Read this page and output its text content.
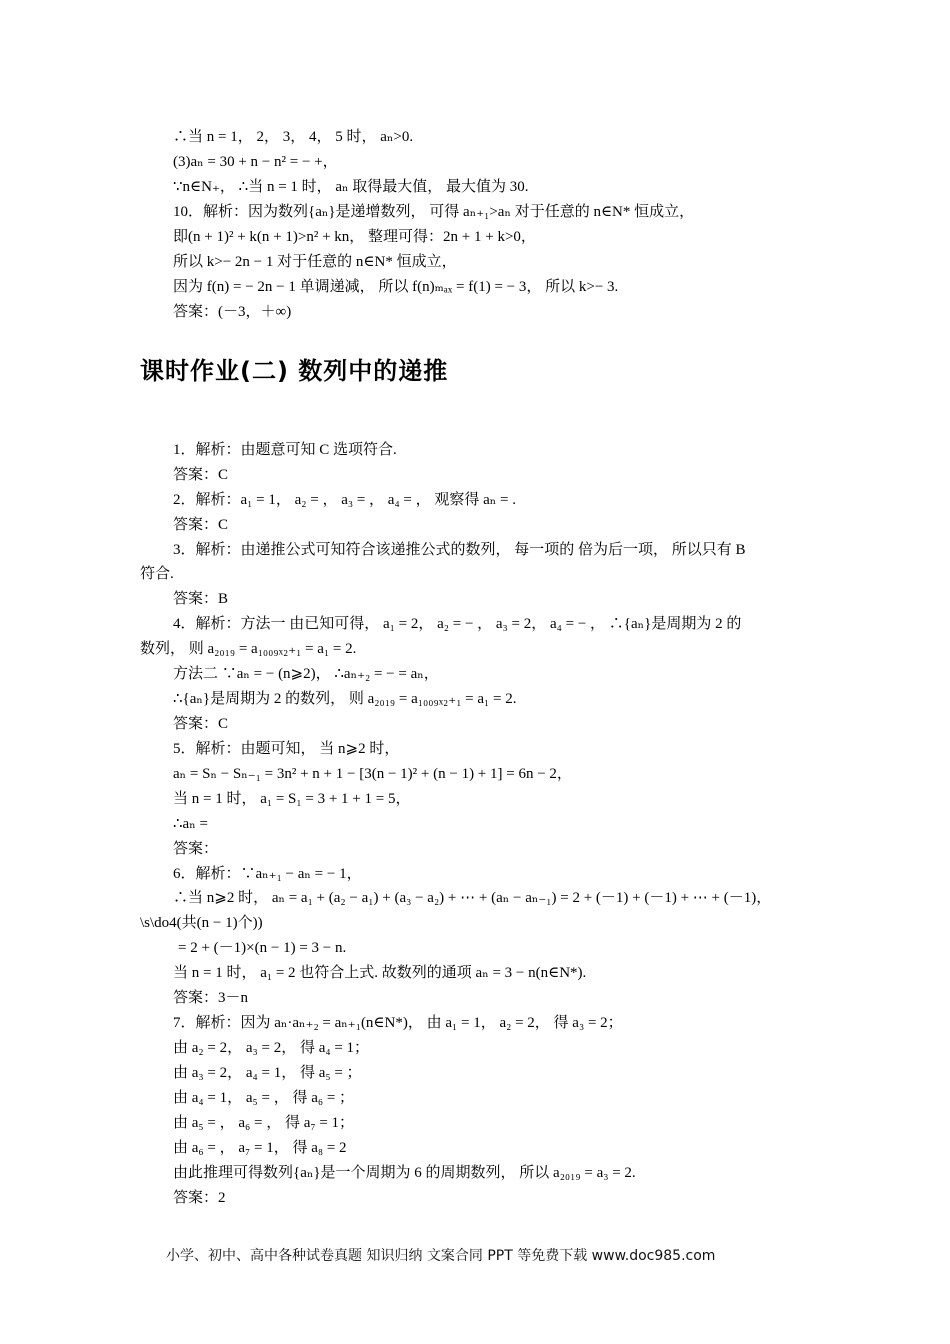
∴当 n = 1， 2， 3， 4， 5 时， aₙ>0.
(3)aₙ = 30 + n − n² = − +，
∵n∈N₊， ∴当 n = 1 时， aₙ 取得最大值， 最大值为 30.
10．解析：因为数列{aₙ}是递增数列， 可得 aₙ₊₁>aₙ 对于任意的 n∈N* 恒成立，
即(n + 1)² + k(n + 1)>n² + kn， 整理可得：2n + 1 + k>0，
所以 k>− 2n − 1 对于任意的 n∈N* 恒成立，
因为 f(n) = − 2n − 1 单调递减， 所以 f(n)ₘₐₓ = f(1) = − 3， 所以 k>− 3.
答案：(－3，＋∞)
课时作业(二) 数列中的递推
1．解析：由题意可知 C 选项符合.
答案：C
2．解析：a₁ = 1， a₂ = ， a₃ = ， a₄ = ， 观察得 aₙ = .
答案：C
3．解析：由递推公式可知符合该递推公式的数列， 每一项的 倍为后一项， 所以只有 B
符合.
答案：B
4．解析：方法一 由已知可得， a₁ = 2， a₂ = − ， a₃ = 2， a₄ = − ， ∴{aₙ}是周期为 2 的
数列， 则 a₂₀₁₉ = a₁₀₀₉ₓ₂₊₁ = a₁ = 2.
方法二 ∵aₙ = − (n⩾2)， ∴aₙ₊₂ = − = aₙ，
∴{aₙ}是周期为 2 的数列， 则 a₂₀₁₉ = a₁₀₀₉ₓ₂₊₁ = a₁ = 2.
答案：C
5．解析：由题可知， 当 n⩾2 时，
aₙ = Sₙ − Sₙ₋₁ = 3n² + n + 1 − [3(n − 1)² + (n − 1) + 1] = 6n − 2，
当 n = 1 时， a₁ = S₁ = 3 + 1 + 1 = 5，
∴aₙ =
答案：
6．解析：∵aₙ₊₁ − aₙ = − 1，
∴当 n⩾2 时， aₙ = a₁ + (a₂ − a₁) + (a₃ − a₂) + ⋯ + (aₙ − aₙ₋₁) = 2 + (－1) + (－1) + ⋯ + (－1)，
\s\do4(共(n − 1)个))
= 2 + (－1)×(n − 1) = 3 − n.
当 n = 1 时， a₁ = 2 也符合上式. 故数列的通项 aₙ = 3 − n(n∈N*).
答案：3－n
7．解析：因为 aₙ·aₙ₊₂ = aₙ₊₁(n∈N*)， 由 a₁ = 1， a₂ = 2， 得 a₃ = 2；
由 a₂ = 2， a₃ = 2， 得 a₄ = 1；
由 a₃ = 2， a₄ = 1， 得 a₅ = ；
由 a₄ = 1， a₅ = ， 得 a₆ = ；
由 a₅ = ， a₆ = ， 得 a₇ = 1；
由 a₆ = ， a₇ = 1， 得 a₈ = 2
由此推理可得数列{aₙ}是一个周期为 6 的周期数列， 所以 a₂₀₁₉ = a₃ = 2.
答案：2
小学、初中、高中各种试卷真题 知识归纳 文案合同 PPT 等免费下载 www.doc985.com
